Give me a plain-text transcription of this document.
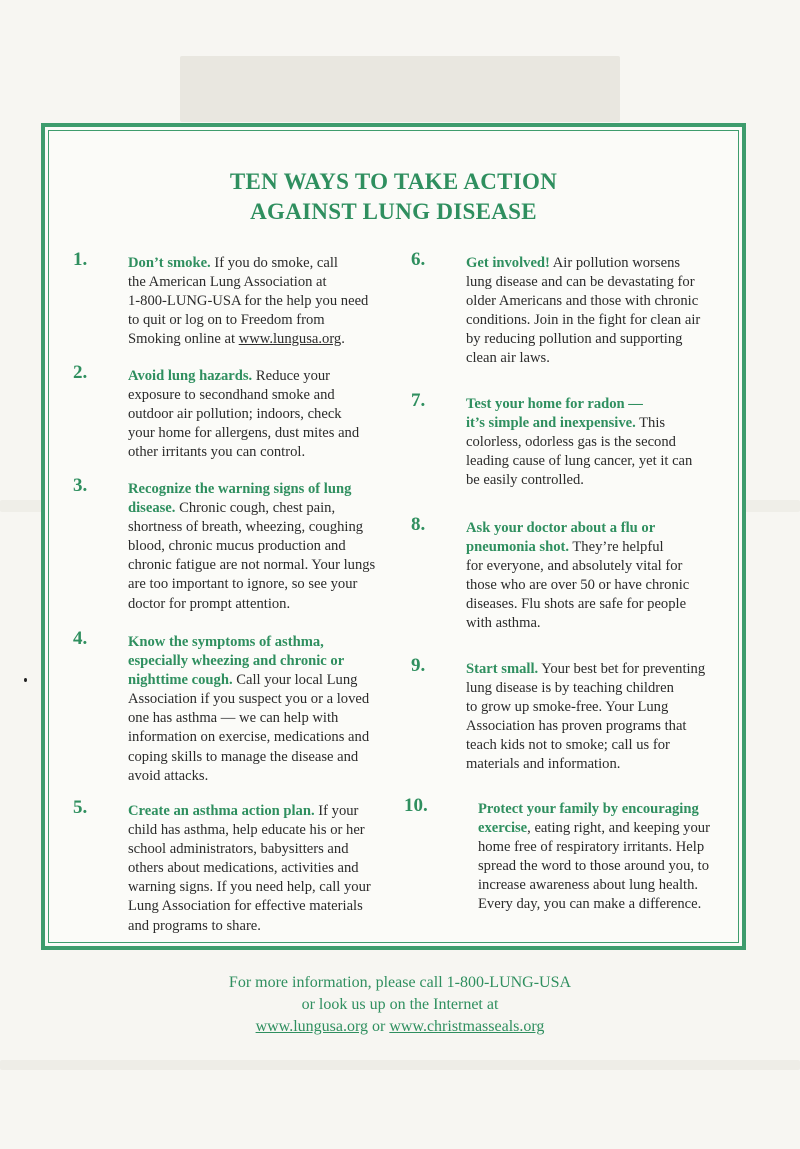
TEN WAYS TO TAKE ACTION
AGAINST LUNG DISEASE
1.	Don’t smoke. If you do smoke, call
the American Lung Association at
1-800-LUNG-USA for the help you need
to quit or log on to Freedom from
Smoking online at www.lungusa.org.
2.	Avoid lung hazards. Reduce your
exposure to secondhand smoke and
outdoor air pollution; indoors, check
your home for allergens, dust mites and
other irritants you can control.
3.	Recognize the warning signs of lung
disease. Chronic cough, chest pain,
shortness of breath, wheezing, coughing
blood, chronic mucus production and
chronic fatigue are not normal. Your lungs
are too important to ignore, so see your
doctor for prompt attention.
4.	Know the symptoms of asthma,
especially wheezing and chronic or
nighttime cough. Call your local Lung
Association if you suspect you or a loved
one has asthma — we can help with
information on exercise, medications and
coping skills to manage the disease and
avoid attacks.
5.	Create an asthma action plan. If your
child has asthma, help educate his or her
school administrators, babysitters and
others about medications, activities and
warning signs. If you need help, call your
Lung Association for effective materials
and programs to share.
6.	Get involved! Air pollution worsens
lung disease and can be devastating for
older Americans and those with chronic
conditions. Join in the fight for clean air
by reducing pollution and supporting
clean air laws.
7.	Test your home for radon —
it’s simple and inexpensive. This
colorless, odorless gas is the second
leading cause of lung cancer, yet it can
be easily controlled.
8.	Ask your doctor about a flu or
pneumonia shot. They’re helpful
for everyone, and absolutely vital for
those who are over 50 or have chronic
diseases. Flu shots are safe for people
with asthma.
9.	Start small. Your best bet for preventing
lung disease is by teaching children
to grow up smoke-free. Your Lung
Association has proven programs that
teach kids not to smoke; call us for
materials and information.
10.	Protect your family by encouraging
exercise, eating right, and keeping your
home free of respiratory irritants. Help
spread the word to those around you, to
increase awareness about lung health.
Every day, you can make a difference.
For more information, please call 1-800-LUNG-USA
or look us up on the Internet at
www.lungusa.org or www.christmasseals.org
